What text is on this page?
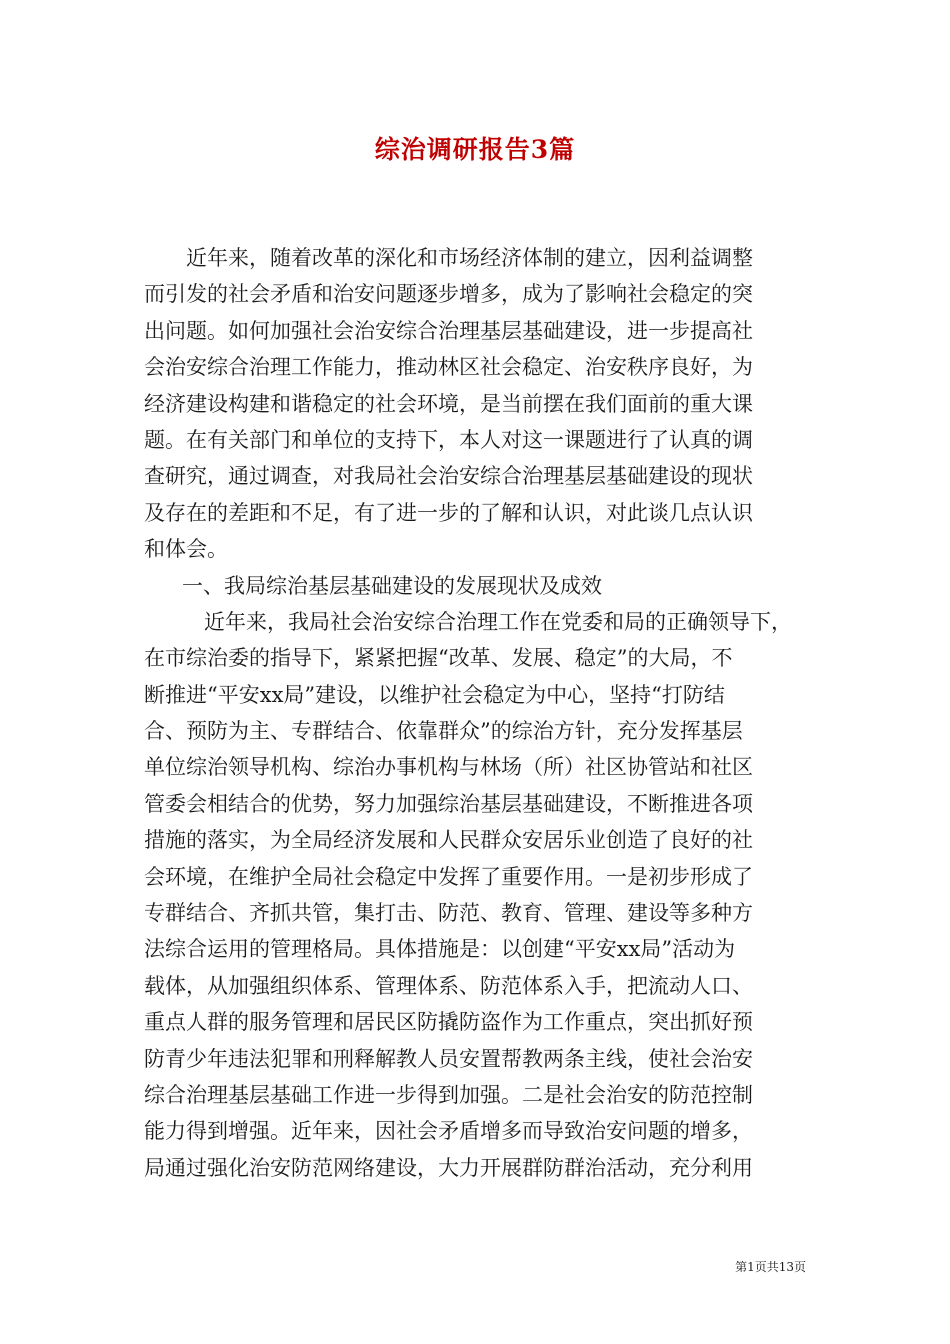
综治调研报告3篇
近年来，随着改革的深化和市场经济体制的建立，因利益调整
而引发的社会矛盾和治安问题逐步增多，成为了影响社会稳定的突
出问题。如何加强社会治安综合治理基层基础建设，进一步提高社
会治安综合治理工作能力，推动林区社会稳定、治安秩序良好，为
经济建设构建和谐稳定的社会环境，是当前摆在我们面前的重大课
题。在有关部门和单位的支持下，本人对这一课题进行了认真的调
查研究，通过调查，对我局社会治安综合治理基层基础建设的现状
及存在的差距和不足，有了进一步的了解和认识，对此谈几点认识
和体会。
一、我局综治基层基础建设的发展现状及成效
近年来，我局社会治安综合治理工作在党委和局的正确领导下，
在市综治委的指导下，紧紧把握“改革、发展、稳定”的大局，不
断推进“平安xx局”建设，以维护社会稳定为中心，坚持“打防结
合、预防为主、专群结合、依靠群众”的综治方针，充分发挥基层
单位综治领导机构、综治办事机构与林场（所）社区协管站和社区
管委会相结合的优势，努力加强综治基层基础建设，不断推进各项
措施的落实，为全局经济发展和人民群众安居乐业创造了良好的社
会环境，在维护全局社会稳定中发挥了重要作用。一是初步形成了
专群结合、齐抓共管，集打击、防范、教育、管理、建设等多种方
法综合运用的管理格局。具体措施是：以创建“平安xx局”活动为
载体，从加强组织体系、管理体系、防范体系入手，把流动人口、
重点人群的服务管理和居民区防撬防盗作为工作重点，突出抓好预
防青少年违法犯罪和刑释解教人员安置帮教两条主线，使社会治安
综合治理基层基础工作进一步得到加强。二是社会治安的防范控制
能力得到增强。近年来，因社会矛盾增多而导致治安问题的增多，
局通过强化治安防范网络建设，大力开展群防群治活动，充分利用
第1页共13页
